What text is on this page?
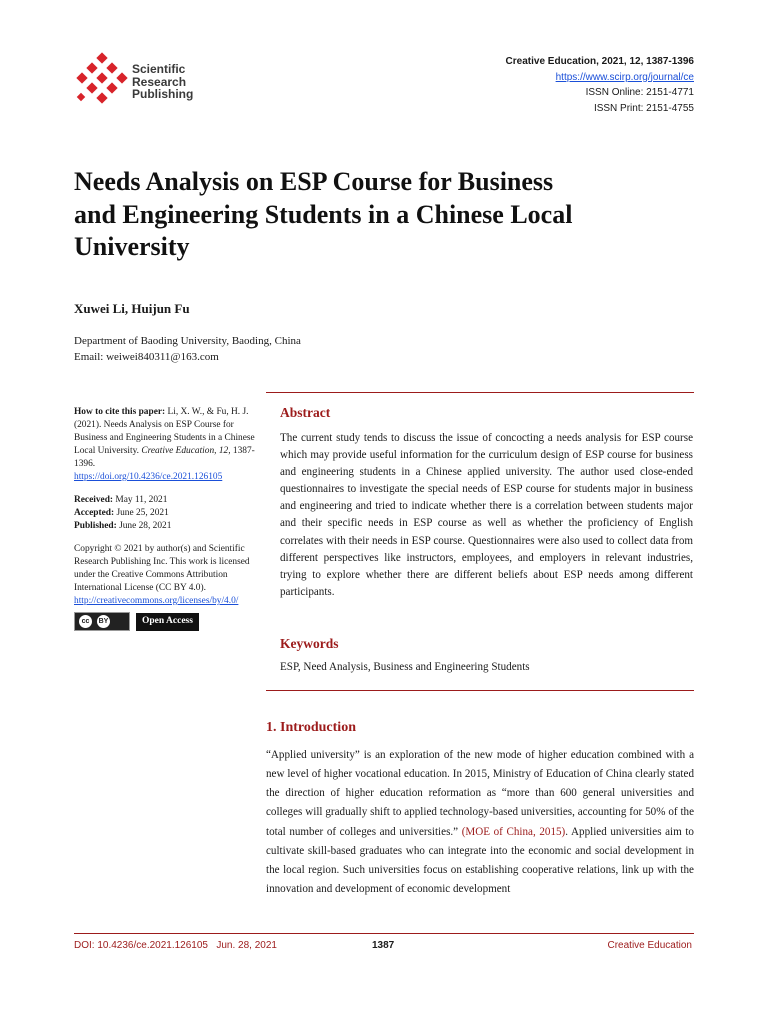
Scientific
Research
Publishing
Creative Education, 2021, 12, 1387-1396
https://www.scirp.org/journal/ce
ISSN Online: 2151-4771
ISSN Print: 2151-4755
Needs Analysis on ESP Course for Business
and Engineering Students in a Chinese Local
University
Xuwei Li, Huijun Fu
Department of Baoding University, Baoding, China
Email: weiwei840311@163.com

How to cite this paper: Li, X. W., & Fu, H. J. (2021). Needs Analysis on ESP Course for Business and Engineering Students in a Chinese Local University. Creative Education, 12, 1387-1396.

https://doi.org/10.4236/ce.2021.126105

Received: May 11, 2021

Accepted: June 25, 2021

Published: June 28, 2021

Copyright © 2021 by author(s) and Scientific Research Publishing Inc. This work is licensed under the Creative Commons Attribution International License (CC BY 4.0).

http://creativecommons.org/licenses/by/4.0/

cc	BY	Open Access
Abstract
The current study tends to discuss the issue of concocting a needs analysis for ESP course which may provide useful information for the curriculum design of ESP course for business and engineering students in a Chinese applied university. The author used close-ended questionnaires to investigate the special needs of ESP course for students major in business and engineering and tried to indicate whether there is a correlation between students major and their specific needs in ESP course as well as whether the proficiency of English correlates with their needs in ESP course. Questionnaires were also used to collect data from different perspectives like instructors, employees, and employers in relevant industries, trying to explore whether there are different beliefs about ESP needs among different participants.
Keywords
ESP, Need Analysis, Business and Engineering Students
1. Introduction
“Applied university” is an exploration of the new mode of higher education combined with a new level of higher vocational education. In 2015, Ministry of Education of China clearly stated the direction of higher education reformation as “more than 600 general universities and colleges will gradually shift to applied technology-based universities, accounting for 50% of the total number of colleges and universities.” (MOE of China, 2015). Applied universities aim to cultivate skill-based graduates who can integrate into the economic and social development in the local region. Such universities focus on establishing cooperative relations, link up with the innovation and development of economic development
DOI: 10.4236/ce.2021.126105 Jun. 28, 2021	1387	Creative Education
